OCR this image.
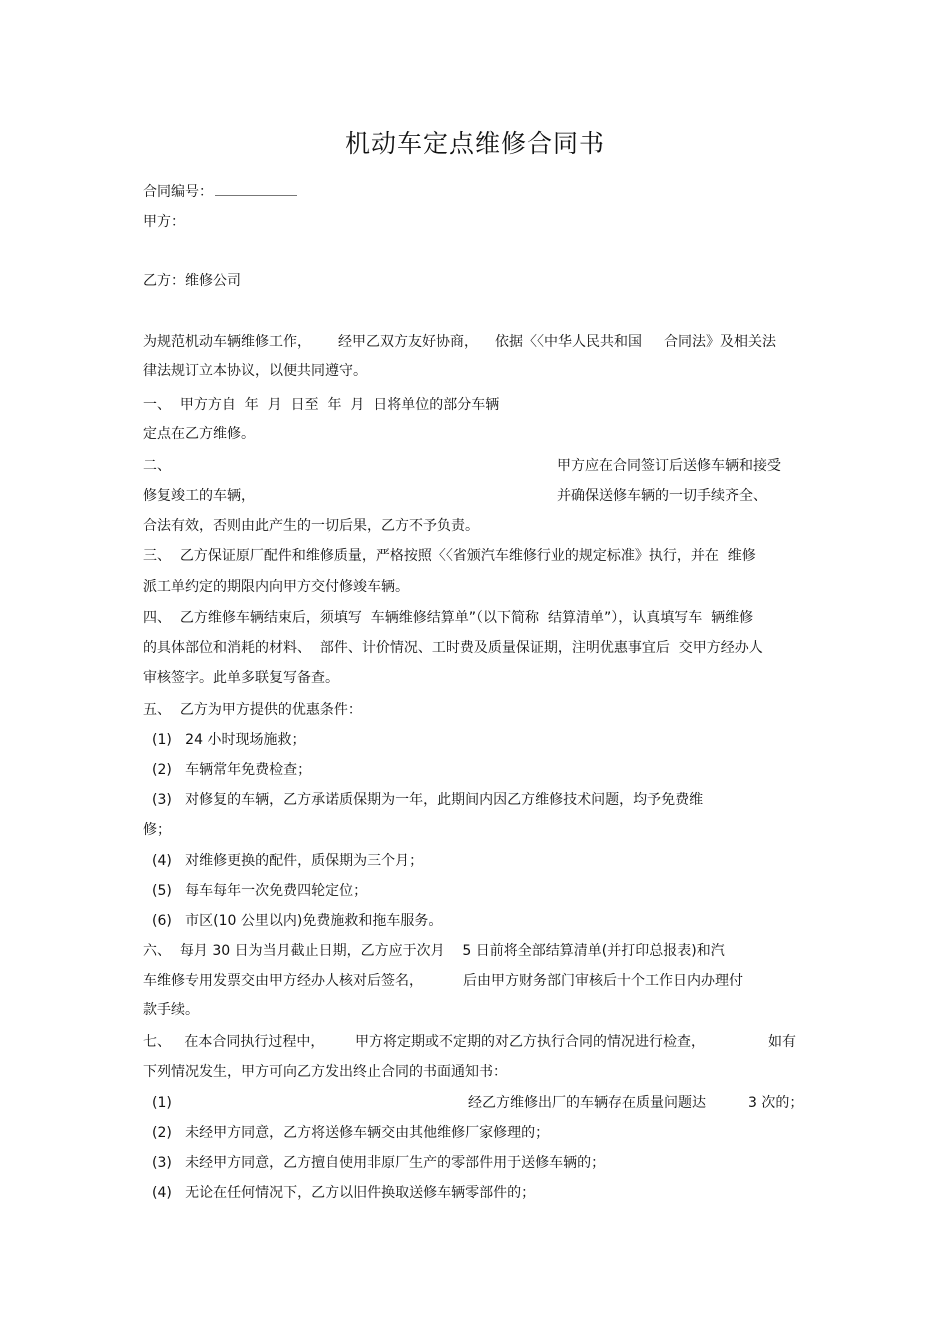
机动车定点维修合同书
合同编号：
甲方：
乙方：维修公司
为规范机动车辆维修工作， 经甲乙双方友好协商， 依据〈〈中华人民共和国 合同法》及相关法
律法规订立本协议，以便共同遵守。
一、  甲方方自  年  月  日至  年  月  日将单位的部分车辆
定点在乙方维修。
二、	甲方应在合同签订后送修车辆和接受
修复竣工的车辆，	并确保送修车辆的一切手续齐全、
合法有效，否则由此产生的一切后果，乙方不予负责。
三、  乙方保证原厂配件和维修质量，严格按照〈〈省颁汽车维修行业的规定标准》执行，并在  维修
派工单约定的期限内向甲方交付修竣车辆。
四、  乙方维修车辆结束后，须填写  车辆维修结算单”（以下简称  结算清单”），认真填写车  辆维修
的具体部位和消耗的材料、  部件、计价情况、工时费及质量保证期，注明优惠事宜后  交甲方经办人
审核签字。此单多联复写备查。
五、  乙方为甲方提供的优惠条件：
(1)   24 小时现场施救；
(2)   车辆常年免费检查；
(3)   对修复的车辆，乙方承诺质保期为一年，此期间内因乙方维修技术问题，均予免费维
修；
(4)   对维修更换的配件，质保期为三个月；
(5)   每车每年一次免费四轮定位；
(6)   市区(10 公里以内)免费施救和拖车服务。
六、  每月 30 日为当月截止日期，乙方应于次月    5 日前将全部结算清单(并打印总报表)和汽
车维修专用发票交由甲方经办人核对后签名，	后由甲方财务部门审核后十个工作日内办理付
款手续。
七、   在本合同执行过程中， 甲方将定期或不定期的对乙方执行合同的情况进行检查，	如有
下列情况发生，甲方可向乙方发出终止合同的书面通知书：
(1)	经乙方维修出厂的车辆存在质量问题达	3 次的；
(2)   未经甲方同意，乙方将送修车辆交由其他维修厂家修理的；
(3)   未经甲方同意，乙方擅自使用非原厂生产的零部件用于送修车辆的；
(4)   无论在任何情况下，乙方以旧件换取送修车辆零部件的；
